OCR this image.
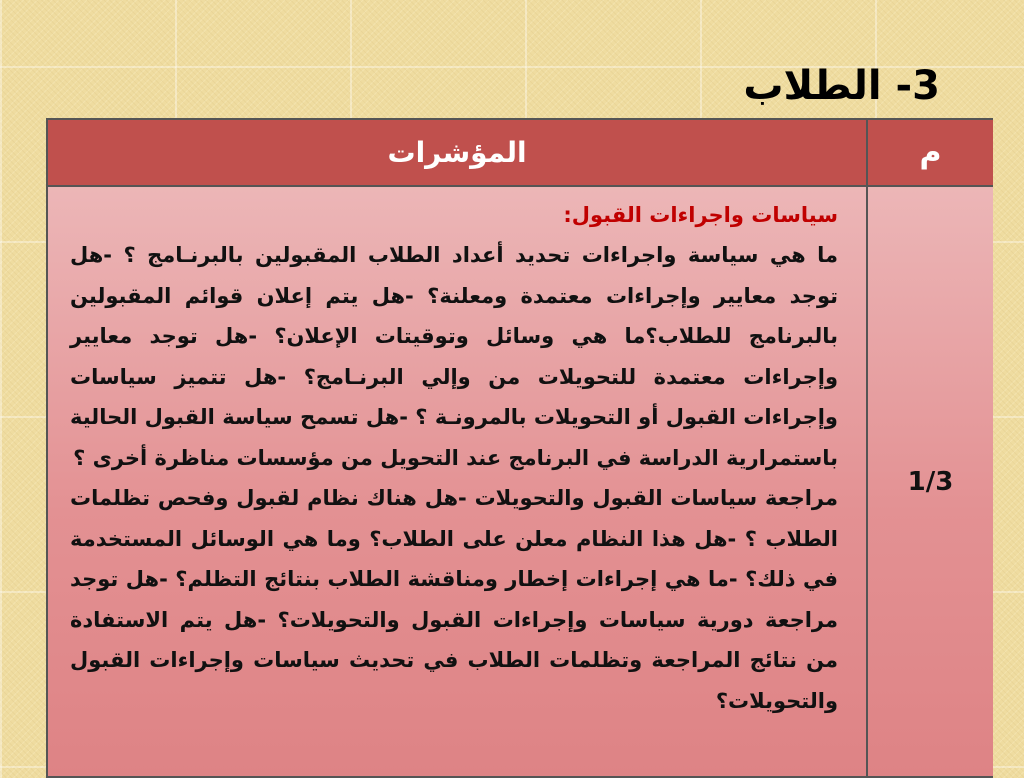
3- الطلاب
المؤشرات	م

سياسات واجراءات القبول:

ما هي سياسة واجراءات تحديد أعداد الطلاب المقبولين بالبرنـامج ؟ -هل توجد معايير وإجراءات معتمدة ومعلنة؟ -هل يتم إعلان قوائم المقبولين بالبرنامج للطلاب؟ما هي وسائل وتوقيتات الإعلان؟ -هل توجد معايير وإجراءات معتمدة للتحويلات من وإلي البرنـامج؟ -هل تتميز سياسات وإجراءات القبول أو التحويلات بالمرونـة ؟ -هل تسمح سياسة القبول الحالية باستمرارية الدراسة في البرنامج عند التحويل من مؤسسات مناظرة أخرى ؟

مراجعة سياسات القبول والتحويلات -هل هناك نظام لقبول وفحص تظلمات الطلاب ؟ -هل هذا النظام معلن على الطلاب؟ وما هي الوسائل المستخدمة في ذلك؟ -ما هي إجراءات إخطار ومناقشة الطلاب بنتائج التظلم؟ -هل توجد مراجعة دورية سياسات وإجراءات القبول والتحويلات؟ -هل يتم الاستفادة من نتائج المراجعة وتظلمات الطلاب في تحديث سياسات وإجراءات القبول والتحويلات؟

1/3
